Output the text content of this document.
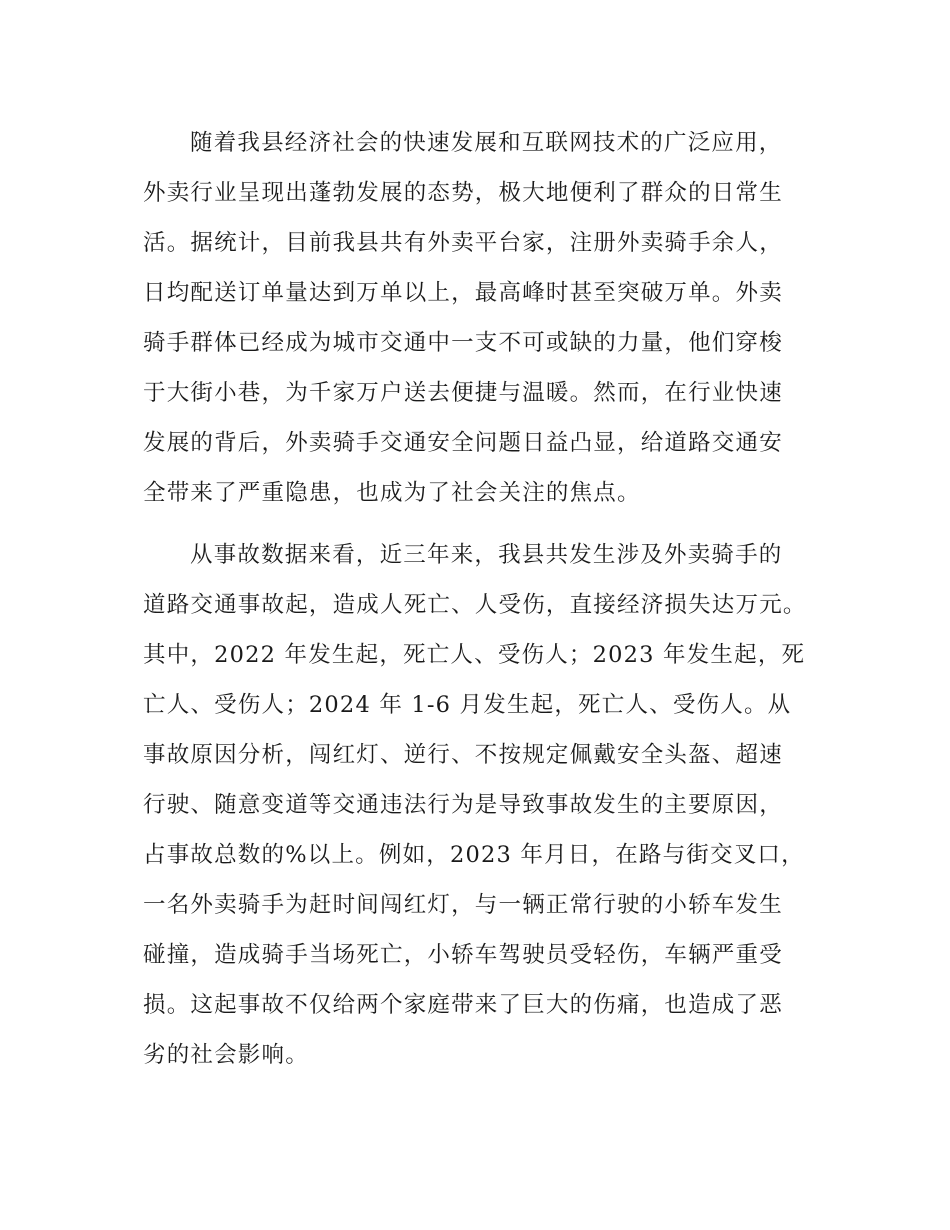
随着我县经济社会的快速发展和互联网技术的广泛应用，
外卖行业呈现出蓬勃发展的态势，极大地便利了群众的日常生
活。据统计，目前我县共有外卖平台家，注册外卖骑手余人，
日均配送订单量达到万单以上，最高峰时甚至突破万单。外卖
骑手群体已经成为城市交通中一支不可或缺的力量，他们穿梭
于大街小巷，为千家万户送去便捷与温暖。然而，在行业快速
发展的背后，外卖骑手交通安全问题日益凸显，给道路交通安
全带来了严重隐患，也成为了社会关注的焦点。
从事故数据来看，近三年来，我县共发生涉及外卖骑手的
道路交通事故起，造成人死亡、人受伤，直接经济损失达万元。
其中，2022 年发生起，死亡人、受伤人；2023 年发生起，死
亡人、受伤人；2024 年 1-6 月发生起，死亡人、受伤人。从
事故原因分析，闯红灯、逆行、不按规定佩戴安全头盔、超速
行驶、随意变道等交通违法行为是导致事故发生的主要原因，
占事故总数的%以上。例如，2023 年月日，在路与街交叉口，
一名外卖骑手为赶时间闯红灯，与一辆正常行驶的小轿车发生
碰撞，造成骑手当场死亡，小轿车驾驶员受轻伤，车辆严重受
损。这起事故不仅给两个家庭带来了巨大的伤痛，也造成了恶
劣的社会影响。
